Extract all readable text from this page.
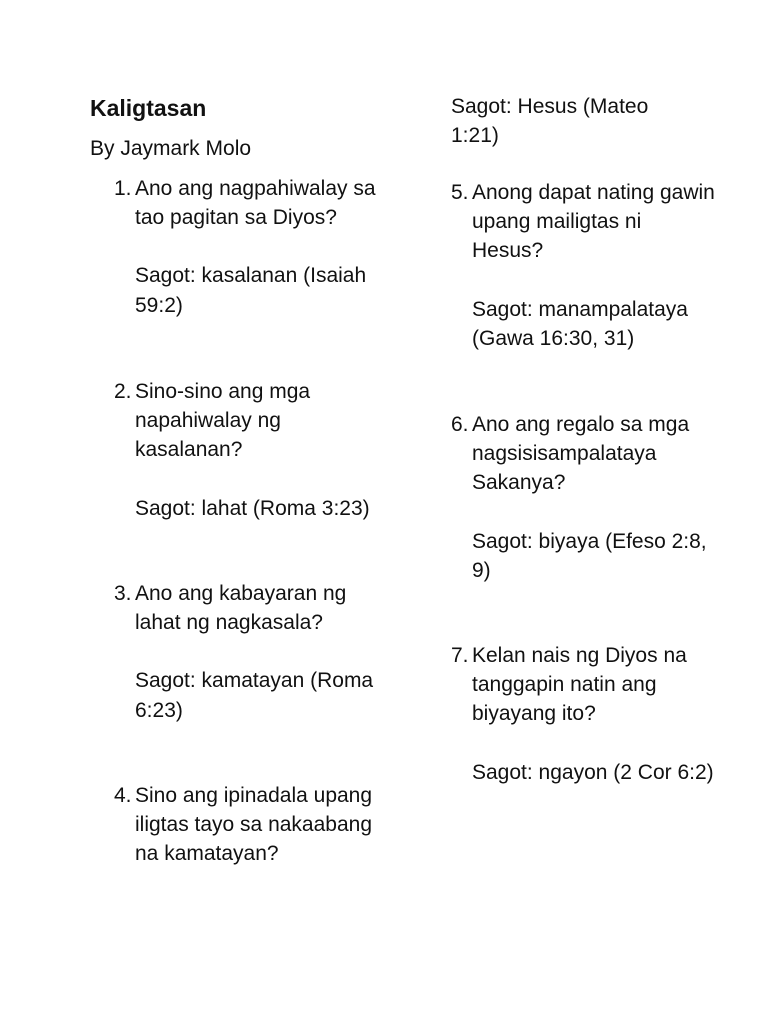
Kaligtasan
By Jaymark Molo
1. Ano ang nagpahiwalay sa tao pagitan sa Diyos?
Sagot: kasalanan (Isaiah 59:2)
2. Sino-sino ang mga napahiwalay ng kasalanan?
Sagot: lahat (Roma 3:23)
3. Ano ang kabayaran ng lahat ng nagkasala?
Sagot: kamatayan (Roma 6:23)
4. Sino ang ipinadala upang iligtas tayo sa nakaabang na kamatayan?
Sagot: Hesus (Mateo 1:21)
5. Anong dapat nating gawin upang mailigtas ni Hesus?
Sagot: manampalataya (Gawa 16:30, 31)
6. Ano ang regalo sa mga nagsisisampalataya Sakanya?
Sagot: biyaya (Efeso 2:8, 9)
7. Kelan nais ng Diyos na tanggapin natin ang biyayang ito?
Sagot: ngayon (2 Cor 6:2)
